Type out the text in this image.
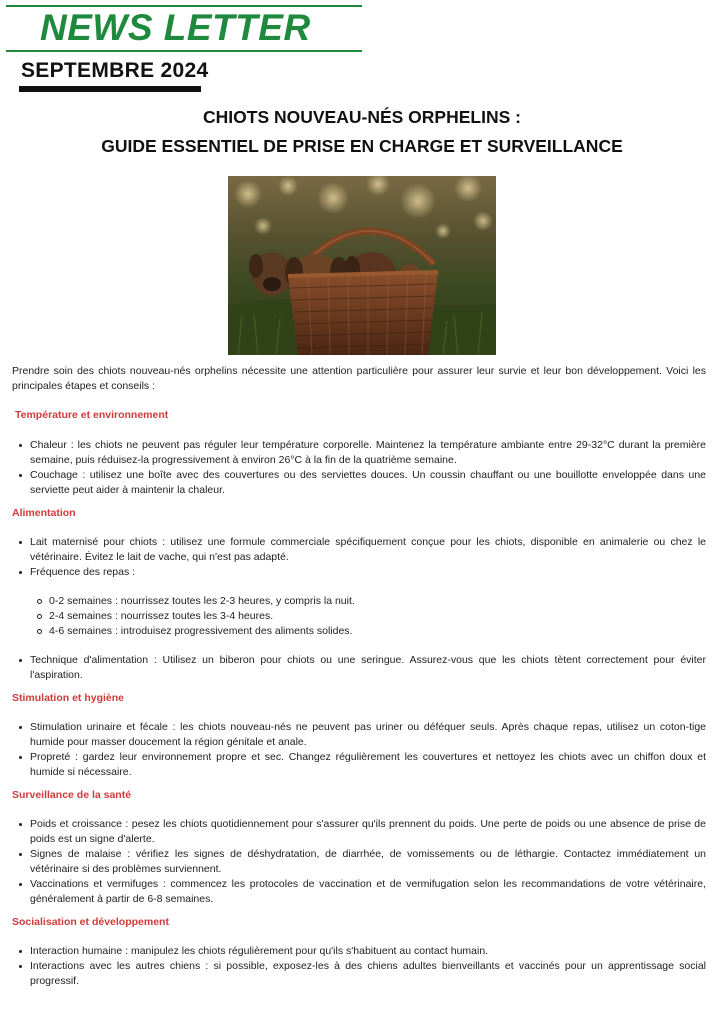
NEWS LETTER
SEPTEMBRE 2024
CHIOTS NOUVEAU-NÉS ORPHELINS :
GUIDE ESSENTIEL DE PRISE EN CHARGE ET SURVEILLANCE

Prendre soin des chiots nouveau-nés orphelins nécessite une attention particulière pour assurer leur survie et leur bon développement. Voici les principales étapes et conseils :

Température et environnement
Chaleur : les chiots ne peuvent pas réguler leur température corporelle. Maintenez la température ambiante entre 29-32°C durant la première semaine, puis réduisez-la progressivement à environ 26°C à la fin de la quatrième semaine.
Couchage : utilisez une boîte avec des couvertures ou des serviettes douces. Un coussin chauffant ou une bouillotte enveloppée dans une serviette peut aider à maintenir la chaleur.
Alimentation
Lait maternisé pour chiots : utilisez une formule commerciale spécifiquement conçue pour les chiots, disponible en animalerie ou chez le vétérinaire. Évitez le lait de vache, qui n'est pas adapté.
Fréquence des repas :
0-2 semaines : nourrissez toutes les 2-3 heures, y compris la nuit.
2-4 semaines : nourrissez toutes les 3-4 heures.
4-6 semaines : introduisez progressivement des aliments solides.
Technique d'alimentation : Utilisez un biberon pour chiots ou une seringue. Assurez-vous que les chiots tètent correctement pour éviter l'aspiration.
Stimulation et hygiène
Stimulation urinaire et fécale : les chiots nouveau-nés ne peuvent pas uriner ou déféquer seuls. Après chaque repas, utilisez un coton-tige humide pour masser doucement la région génitale et anale.
Propreté : gardez leur environnement propre et sec. Changez régulièrement les couvertures et nettoyez les chiots avec un chiffon doux et humide si nécessaire.
Surveillance de la santé
Poids et croissance : pesez les chiots quotidiennement pour s'assurer qu'ils prennent du poids. Une perte de poids ou une absence de prise de poids est un signe d'alerte.
Signes de malaise : vérifiez les signes de déshydratation, de diarrhée, de vomissements ou de léthargie. Contactez immédiatement un vétérinaire si des problèmes surviennent.
Vaccinations et vermifuges : commencez les protocoles de vaccination et de vermifugation selon les recommandations de votre vétérinaire, généralement à partir de 6-8 semaines.
Socialisation et développement
Interaction humaine : manipulez les chiots régulièrement pour qu'ils s'habituent au contact humain.
Interactions avec les autres chiens : si possible, exposez-les à des chiens adultes bienveillants et vaccinés pour un apprentissage social progressif.
